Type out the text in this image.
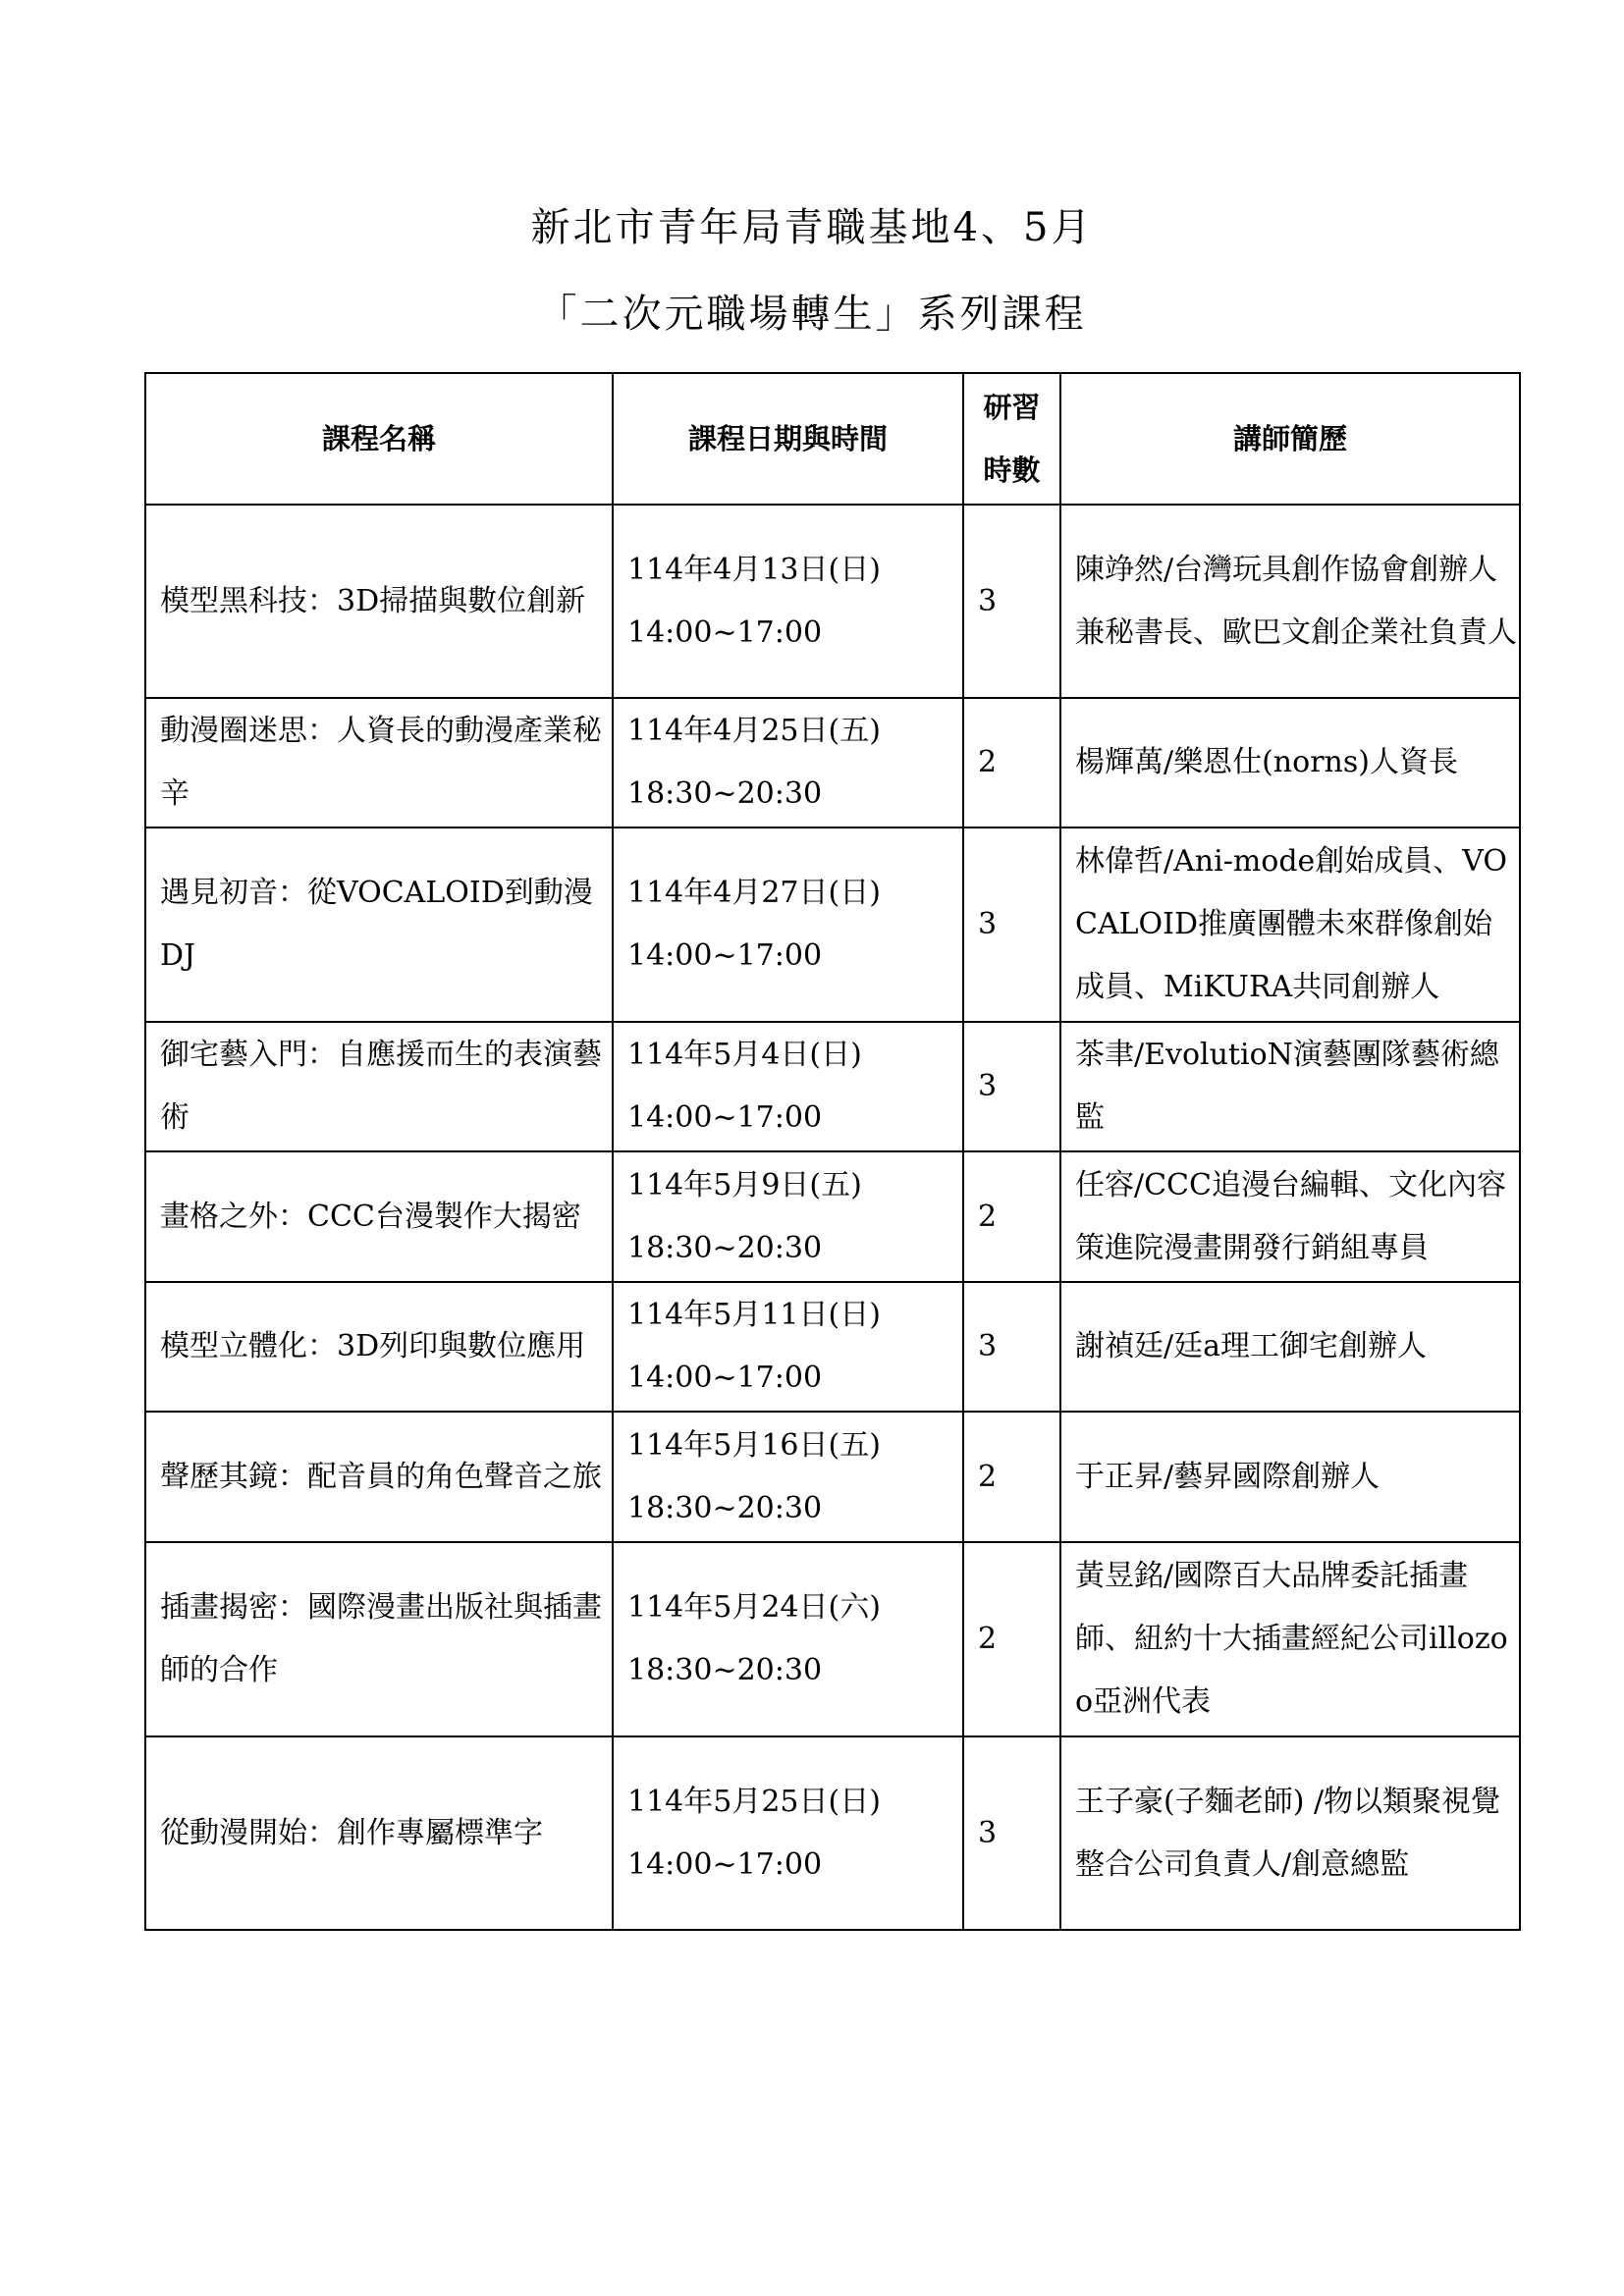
新北市青年局青職基地4、5月
「二次元職場轉生」系列課程
課程名稱	課程日期與時間	研習
時數	講師簡歷
模型黑科技：3D掃描與數位創新	114年4月13日(日)
14:00~17:00	3	陳竫然/台灣玩具創作協會創辦人兼秘書長、歐巴文創企業社負責人
動漫圈迷思：人資長的動漫產業秘辛	114年4月25日(五)
18:30~20:30	2	楊輝萬/樂恩仕(norns)人資長
遇見初音：從VOCALOID到動漫DJ	114年4月27日(日)
14:00~17:00	3	林偉哲/Ani-mode創始成員、VOCALOID推廣團體未來群像創始成員、MiKURA共同創辦人
御宅藝入門：自應援而生的表演藝術	114年5月4日(日)
14:00~17:00	3	茶聿/EvolutioN演藝團隊藝術總監
畫格之外：CCC台漫製作大揭密	114年5月9日(五)
18:30~20:30	2	任容/CCC追漫台編輯、文化內容策進院漫畫開發行銷組專員
模型立體化：3D列印與數位應用	114年5月11日(日)
14:00~17:00	3	謝禎廷/廷a理工御宅創辦人
聲歷其鏡：配音員的角色聲音之旅	114年5月16日(五)
18:30~20:30	2	于正昇/藝昇國際創辦人
插畫揭密：國際漫畫出版社與插畫師的合作	114年5月24日(六)
18:30~20:30	2	黃昱銘/國際百大品牌委託插畫師、紐約十大插畫經紀公司illozoo亞洲代表
從動漫開始：創作專屬標準字	114年5月25日(日)
14:00~17:00	3	王子豪(子麵老師) /物以類聚視覺整合公司負責人/創意總監
